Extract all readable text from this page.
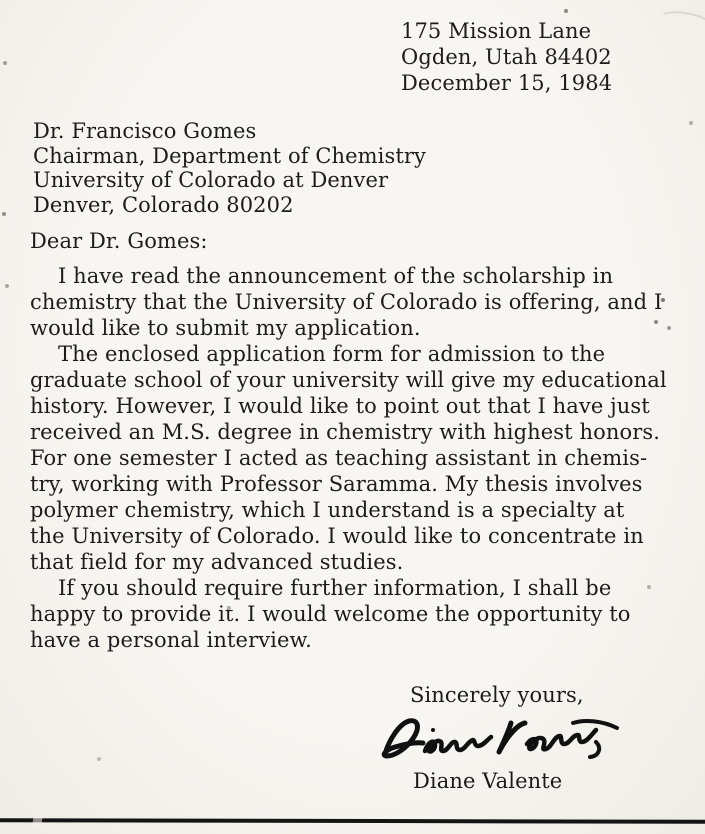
175 Mission Lane
Ogden, Utah 84402
December 15, 1984
Dr. Francisco Gomes
Chairman, Department of Chemistry
University of Colorado at Denver
Denver, Colorado 80202
Dear Dr. Gomes:
I have read the announcement of the scholarship in
chemistry that the University of Colorado is offering, and I
would like to submit my application.
The enclosed application form for admission to the
graduate school of your university will give my educational
history. However, I would like to point out that I have just
received an M.S. degree in chemistry with highest honors.
For one semester I acted as teaching assistant in chemis-
try, working with Professor Saramma. My thesis involves
polymer chemistry, which I understand is a specialty at
the University of Colorado. I would like to concentrate in
that field for my advanced studies.
If you should require further information, I shall be
happy to provide it. I would welcome the opportunity to
have a personal interview.
Sincerely yours,
Diane Valente
